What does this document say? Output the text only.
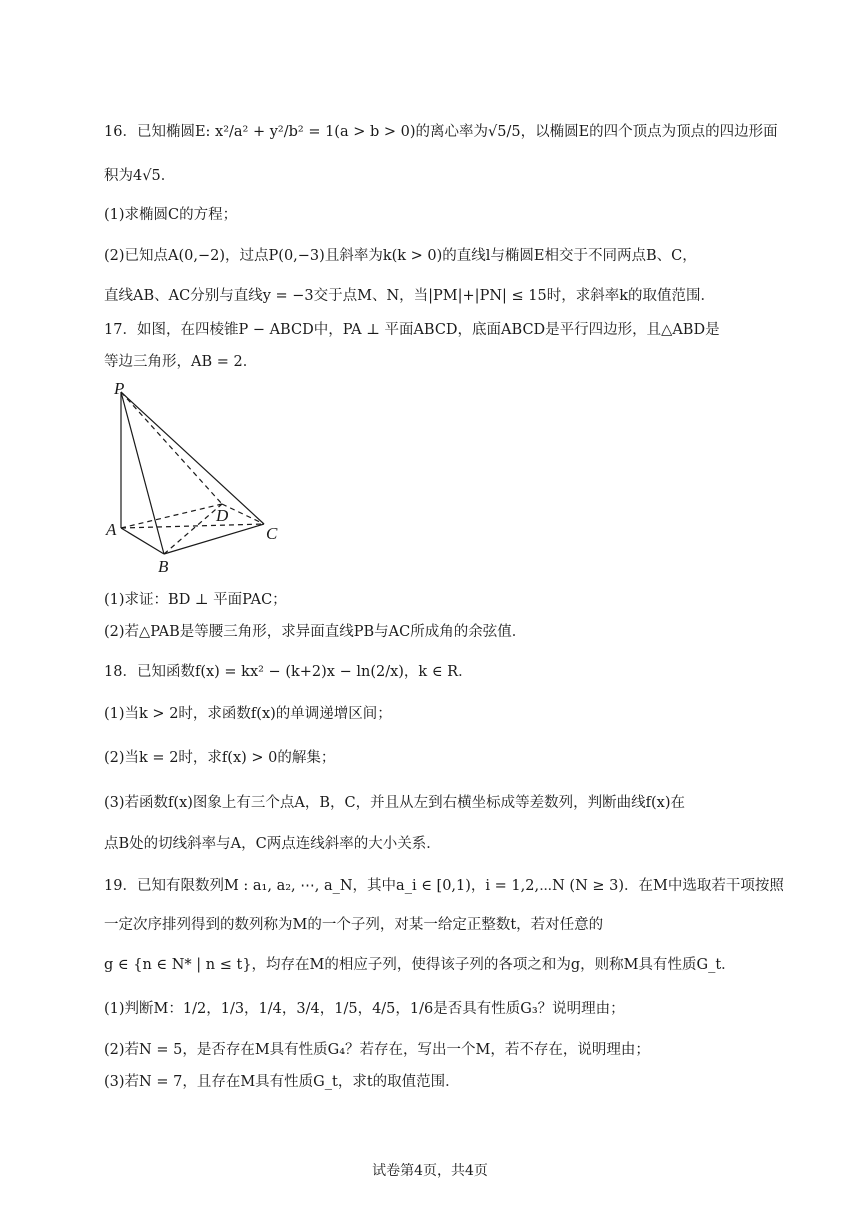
16．已知椭圆E: x²/a² + y²/b² = 1(a > b > 0)的离心率为√5/5，以椭圆E的四个顶点为顶点的四边形面
积为4√5．
(1)求椭圆C的方程；
(2)已知点A(0,−2)，过点P(0,−3)且斜率为k(k > 0)的直线l与椭圆E相交于不同两点B、C，
直线AB、AC分别与直线y = −3交于点M、N，当|PM|+|PN| ≤ 15时，求斜率k的取值范围．
17．如图，在四棱锥P − ABCD中，PA ⊥ 平面ABCD，底面ABCD是平行四边形，且△ABD是
等边三角形，AB = 2．
P
A
B
C
D
(1)求证：BD ⊥ 平面PAC；
(2)若△PAB是等腰三角形，求异面直线PB与AC所成角的余弦值．
18．已知函数f(x) = kx² − (k+2)x − ln(2/x)，k ∈ R．
(1)当k > 2时，求函数f(x)的单调递增区间；
(2)当k = 2时，求f(x) > 0的解集；
(3)若函数f(x)图象上有三个点A，B，C，并且从左到右横坐标成等差数列，判断曲线f(x)在
点B处的切线斜率与A，C两点连线斜率的大小关系．
19．已知有限数列M : a₁, a₂, ⋯, a_N，其中a_i ∈ [0,1)，i = 1,2,⋯N (N ≥ 3)．在M中选取若干项按照
一定次序排列得到的数列称为M的一个子列，对某一给定正整数t，若对任意的
g ∈ {n ∈ N* | n ≤ t}，均存在M的相应子列，使得该子列的各项之和为g，则称M具有性质G_t．
(1)判断M：1/2，1/3，1/4，3/4，1/5，4/5，1/6是否具有性质G₃？说明理由；
(2)若N = 5，是否存在M具有性质G₄？若存在，写出一个M，若不存在，说明理由；
(3)若N = 7，且存在M具有性质G_t，求t的取值范围．
试卷第4页，共4页
